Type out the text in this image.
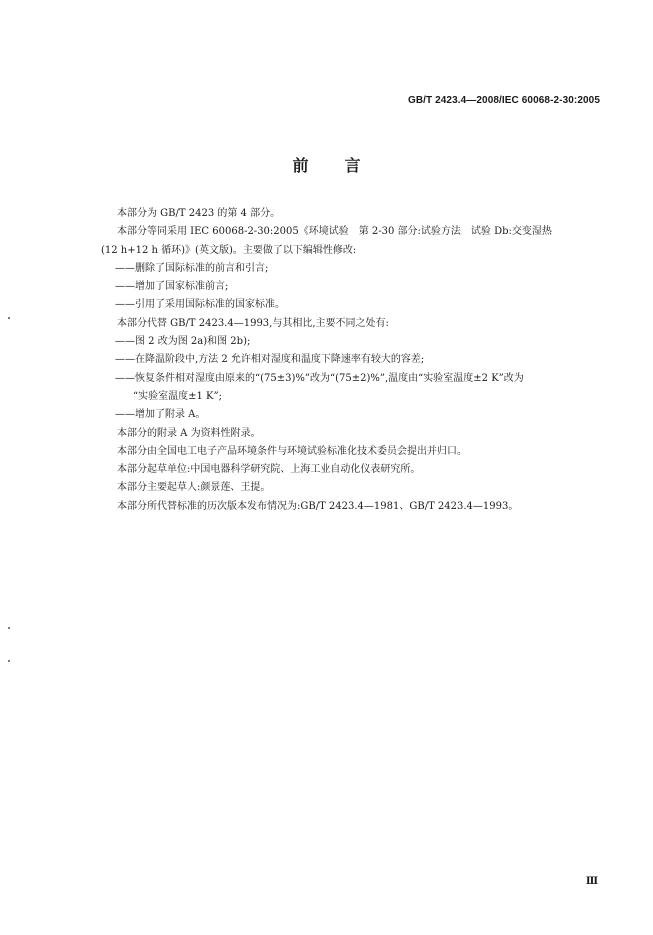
GB/T 2423.4—2008/IEC 60068-2-30:2005
前 言

本部分为 GB/T 2423 的第 4 部分。

本部分等同采用 IEC 60068-2-30:2005《环境试验　第 2-30 部分:试验方法　试验 Db:交变湿热

(12 h+12 h 循环)》(英文版)。主要做了以下编辑性修改:

——删除了国际标准的前言和引言;

——增加了国家标准前言;

——引用了采用国际标准的国家标准。

本部分代替 GB/T 2423.4—1993,与其相比,主要不同之处有:

——图 2 改为图 2a)和图 2b);

——在降温阶段中,方法 2 允许相对湿度和温度下降速率有较大的容差;

——恢复条件相对湿度由原来的“(75±3)%”改为“(75±2)%”,温度由“实验室温度±2 K”改为

“实验室温度±1 K”;

——增加了附录 A。

本部分的附录 A 为资料性附录。

本部分由全国电工电子产品环境条件与环境试验标准化技术委员会提出并归口。

本部分起草单位:中国电器科学研究院、上海工业自动化仪表研究所。

本部分主要起草人:颜景莲、王提。

本部分所代替标准的历次版本发布情况为:GB/T 2423.4—1981、GB/T 2423.4—1993。

Ⅲ
